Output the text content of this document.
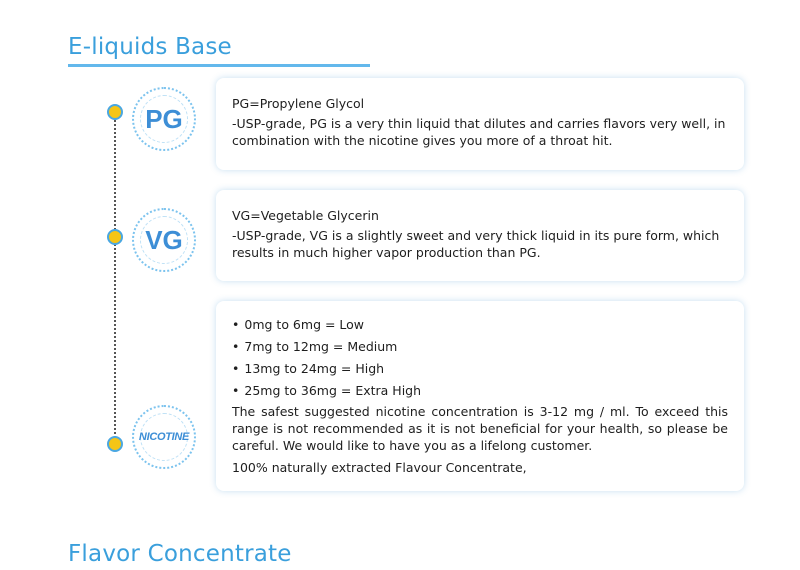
E-liquids Base
PG	PG=Propylene Glycol

-USP-grade, PG is a very thin liquid that dilutes and carries flavors very well, in combination with the nicotine gives you more of a throat hit.

VG

VG=Vegetable Glycerin

-USP-grade, VG is a slightly sweet and very thick liquid in its pure form, which results in much higher vapor production than PG.

NICOTINE
• 0mg to 6mg = Low
• 7mg to 12mg = Medium
• 13mg to 24mg = High
• 25mg to 36mg = Extra High

The safest suggested nicotine concentration is 3-12 mg / ml. To exceed this range is not recommended as it is not beneficial for your health, so please be careful. We would like to have you as a lifelong customer.

100% naturally extracted Flavour Concentrate,

Flavor Concentrate
